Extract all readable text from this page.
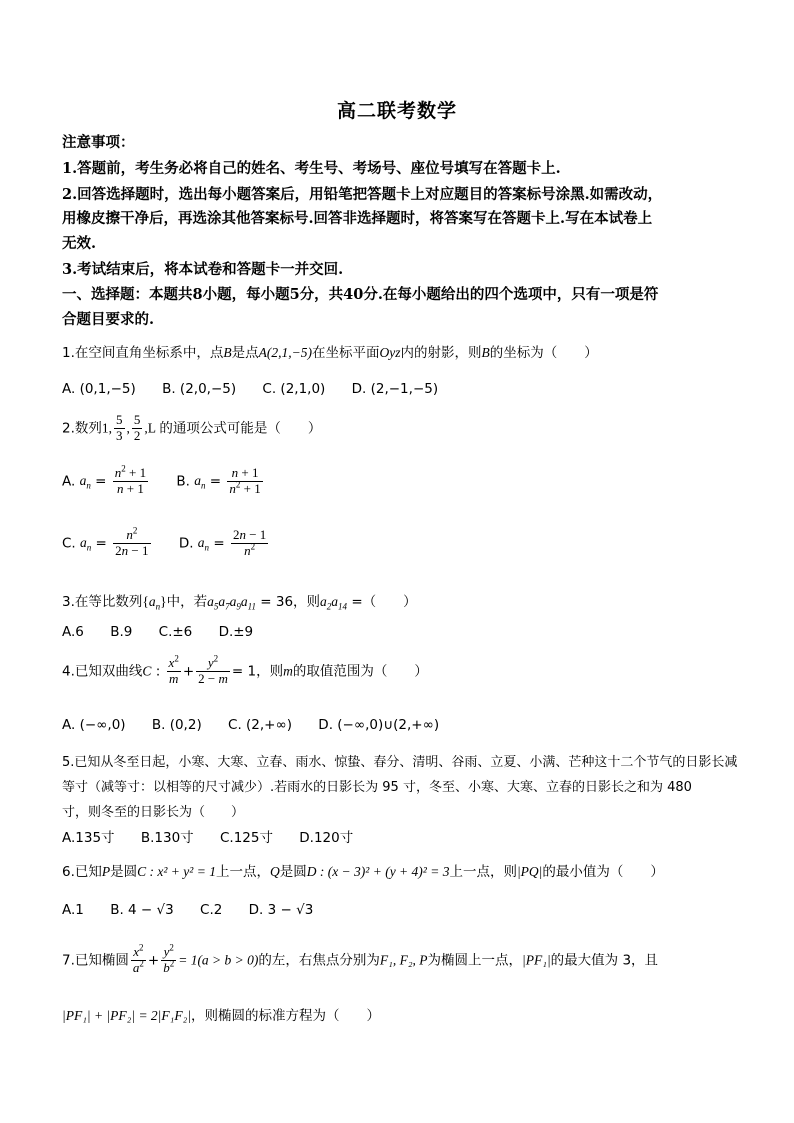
高二联考数学
注意事项：
1.答题前，考生务必将自己的姓名、考生号、考场号、座位号填写在答题卡上.
2.回答选择题时，选出每小题答案后，用铅笔把答题卡上对应题目的答案标号涂黑.如需改动，
用橡皮擦干净后，再选涂其他答案标号.回答非选择题时，将答案写在答题卡上.写在本试卷上
无效.
3.考试结束后，将本试卷和答题卡一并交回.
一、选择题：本题共8小题，每小题5分，共40分.在每小题给出的四个选项中，只有一项是符
合题目要求的.
1.在空间直角坐标系中，点B是点A(2,1,−5)在坐标平面Oyz内的射影，则B的坐标为（　　）
A. (0,1,−5) B. (2,0,−5) C. (2,1,0) D. (2,−1,−5)
2.数列1, $\frac{5}{3}$ , $\frac{5}{2} ,L$ 的通项公式可能是（　　）
A. $a_n = \frac{n^2 + 1}{n + 1} B$. $a_n = \frac{n + 1}{n^2 + 1}$
C. $a_n = \frac{n^2}{2n - 1} D$. $a_n = \frac{2n - 1}{n^2}$
3.在等比数列$\{a_n\}$中，若$a_5a_7a_9a_{11} = 36$，则$a_2a_{14}$ =（　　）
A.6 B.9 C.±6 D.±9
4.已知双曲线C : $\frac{x^2}{m} + \frac{y^2}{2 - m} = 1$，则m的取值范围为（　　）
A. (−∞,0) B. (0,2) C. (2,+∞) D. (−∞,0)∪(2,+∞)
5.已知从冬至日起，小寒、大寒、立春、雨水、惊蛰、春分、清明、谷雨、立夏、小满、芒种这十二个节气的日影长减
等寸（减等寸：以相等的尺寸减少）.若雨水的日影长为 95 寸，冬至、小寒、大寒、立春的日影长之和为 480
寸，则冬至的日影长为（　　）
A.135寸 B.130寸 C.125寸 D.120寸
6.已知P是圆C : x² + y² = 1上一点，Q是圆D : (x − 3)² + (y + 4)² = 3上一点，则|PQ|的最小值为（　　）
A.1 B. 4 − √3 C.2 D. 3 − √3
7.已知椭圆 $\frac{x^2}{a^2} + \frac{y^2}{b^2} = 1(a > b > 0)$的左，右焦点分别为F₁, F₂, P为椭圆上一点，|PF₁|的最大值为 3，且
|PF₁| + |PF₂| = 2|F₁F₂|，则椭圆的标准方程为（　　）
